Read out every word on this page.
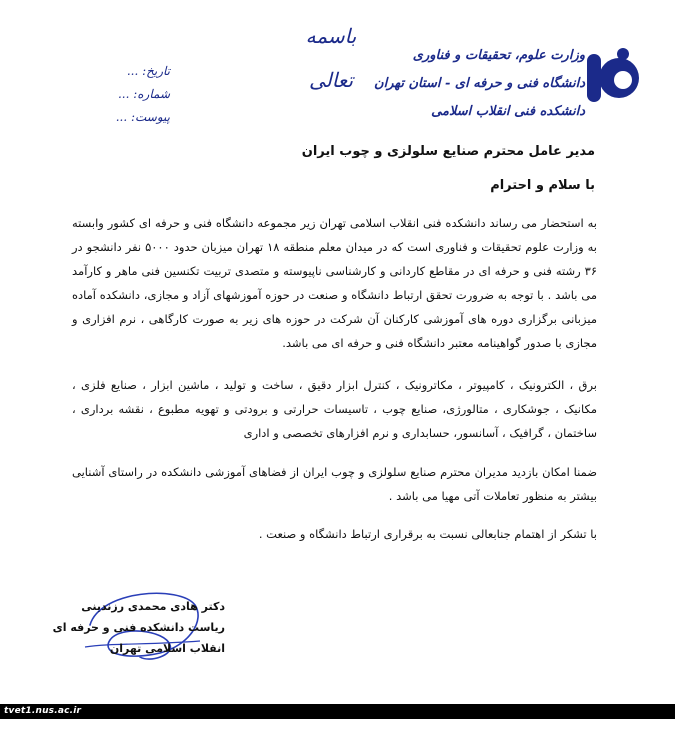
باسمه تعالی
وزارت علوم، تحقیقات و فناوری
دانشگاه فنی و حرفه ای - استان تهران
دانشکده فنی انقلاب اسلامی
تاریخ: ...
شماره: ...
پیوست: ...
مدیر عامل محترم صنایع سلولزی و چوب ایران
با سلام و احترام
به استحضار می رساند دانشکده فنی انقلاب اسلامی تهران زیر مجموعه دانشگاه فنی و حرفه ای کشور وابسته به وزارت علوم تحقیقات و فناوری است که در میدان معلم منطقه ۱۸ تهران میزبان حدود ۵۰۰۰ نفر دانشجو در ۳۶ رشته فنی و حرفه ای در مقاطع کاردانی و کارشناسی ناپیوسته و متصدی تربیت تکنسین فنی ماهر و کارآمد می باشد . با توجه به ضرورت تحقق ارتباط دانشگاه و صنعت در حوزه آموزشهای آزاد و مجازی، دانشکده آماده میزبانی برگزاری دوره های آموزشی کارکنان آن شرکت در حوزه های زیر به صورت کارگاهی ، نرم افزاری و مجازی با صدور گواهینامه معتبر دانشگاه فنی و حرفه ای می باشد.
برق ، الکترونیک ، کامپیوتر ، مکاترونیک ، کنترل ابزار دقیق ، ساخت و تولید ، ماشین ابزار ، صنایع فلزی ، مکانیک ، جوشکاری ، متالورژی، صنایع چوب ، تاسیسات حرارتی و برودتی و تهویه مطبوع ، نقشه برداری ، ساختمان ، گرافیک ، آسانسور، حسابداری و نرم افزارهای تخصصی و اداری
ضمنا امکان بازدید مدیران محترم صنایع سلولزی و چوب ایران از فضاهای آموزشی دانشکده در راستای آشنایی بیشتر به منظور تعاملات آتی مهیا می باشد .
با تشکر از اهتمام جنابعالی نسبت به برقراری ارتباط دانشگاه و صنعت .
دکتر هادی محمدی رزندینی
ریاست دانشکده فنی و حرفه ای
انقلاب اسلامی تهران
tvet1.nus.ac.ir
